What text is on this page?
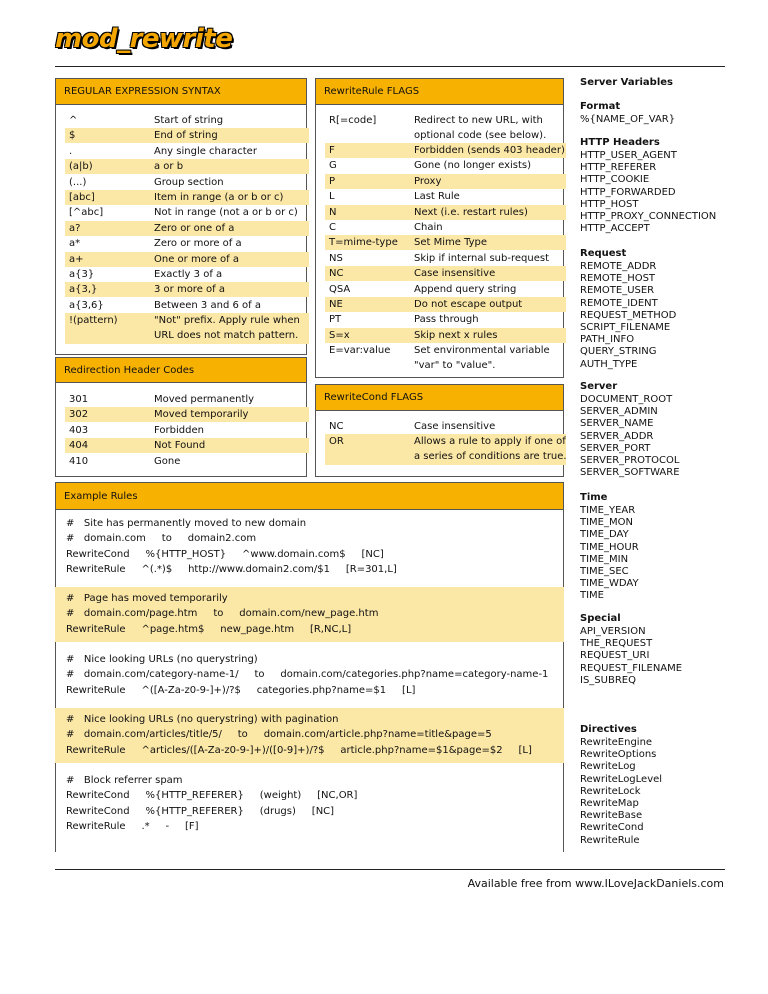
mod_rewrite
REGULAR EXPRESSION SYNTAX
^	Start of string
$	End of string
.	Any single character
(a|b)	a or b
(...)	Group section
[abc]	Item in range (a or b or c)
[^abc]	Not in range (not a or b or c)
a?	Zero or one of a
a*	Zero or more of a
a+	One or more of a
a{3}	Exactly 3 of a
a{3,}	3 or more of a
a{3,6}	Between 3 and 6 of a
!(pattern)	"Not" prefix. Apply rule when
URL does not match pattern.
Redirection Header Codes
301	Moved permanently
302	Moved temporarily
403	Forbidden
404	Not Found
410	Gone
RewriteRule FLAGS
R[=code]	Redirect to new URL, with
optional code (see below).
F	Forbidden (sends 403 header)
G	Gone (no longer exists)
P	Proxy
L	Last Rule
N	Next (i.e. restart rules)
C	Chain
T=mime-type Set Mime Type
NS	Skip if internal sub-request
NC	Case insensitive
QSA	Append query string
NE	Do not escape output
PT	Pass through
S=x	Skip next x rules
E=var:value Set environmental variable
"var" to "value".
RewriteCond FLAGS
NC	Case insensitive
OR	Allows a rule to apply if one of
a series of conditions are true.
Example Rules
#   Site has permanently moved to new domain
#   domain.com     to     domain2.com
RewriteCond     %{HTTP_HOST}     ^www.domain.com$     [NC]
RewriteRule     ^(.*)$     http://www.domain2.com/$1     [R=301,L]
#   Page has moved temporarily
#   domain.com/page.htm     to     domain.com/new_page.htm
RewriteRule     ^page.htm$     new_page.htm     [R,NC,L]
#   Nice looking URLs (no querystring)
#   domain.com/category-name-1/     to     domain.com/categories.php?name=category-name-1
RewriteRule     ^([A-Za-z0-9-]+)/?$     categories.php?name=$1     [L]
#   Nice looking URLs (no querystring) with pagination
#   domain.com/articles/title/5/     to     domain.com/article.php?name=title&page=5
RewriteRule     ^articles/([A-Za-z0-9-]+)/([0-9]+)/?$     article.php?name=$1&page=$2     [L]
#   Block referrer spam
RewriteCond     %{HTTP_REFERER}     (weight)     [NC,OR]
RewriteCond     %{HTTP_REFERER}     (drugs)     [NC]
RewriteRule     .*     -     [F]
Server Variables
Format
%{NAME_OF_VAR}
HTTP Headers
HTTP_USER_AGENT
HTTP_REFERER
HTTP_COOKIE
HTTP_FORWARDED
HTTP_HOST
HTTP_PROXY_CONNECTION
HTTP_ACCEPT
Request
REMOTE_ADDR
REMOTE_HOST
REMOTE_USER
REMOTE_IDENT
REQUEST_METHOD
SCRIPT_FILENAME
PATH_INFO
QUERY_STRING
AUTH_TYPE
Server
DOCUMENT_ROOT
SERVER_ADMIN
SERVER_NAME
SERVER_ADDR
SERVER_PORT
SERVER_PROTOCOL
SERVER_SOFTWARE
Time
TIME_YEAR
TIME_MON
TIME_DAY
TIME_HOUR
TIME_MIN
TIME_SEC
TIME_WDAY
TIME
Special
API_VERSION
THE_REQUEST
REQUEST_URI
REQUEST_FILENAME
IS_SUBREQ
Directives
RewriteEngine
RewriteOptions
RewriteLog
RewriteLogLevel
RewriteLock
RewriteMap
RewriteBase
RewriteCond
RewriteRule
Available free from www.ILoveJackDaniels.com
